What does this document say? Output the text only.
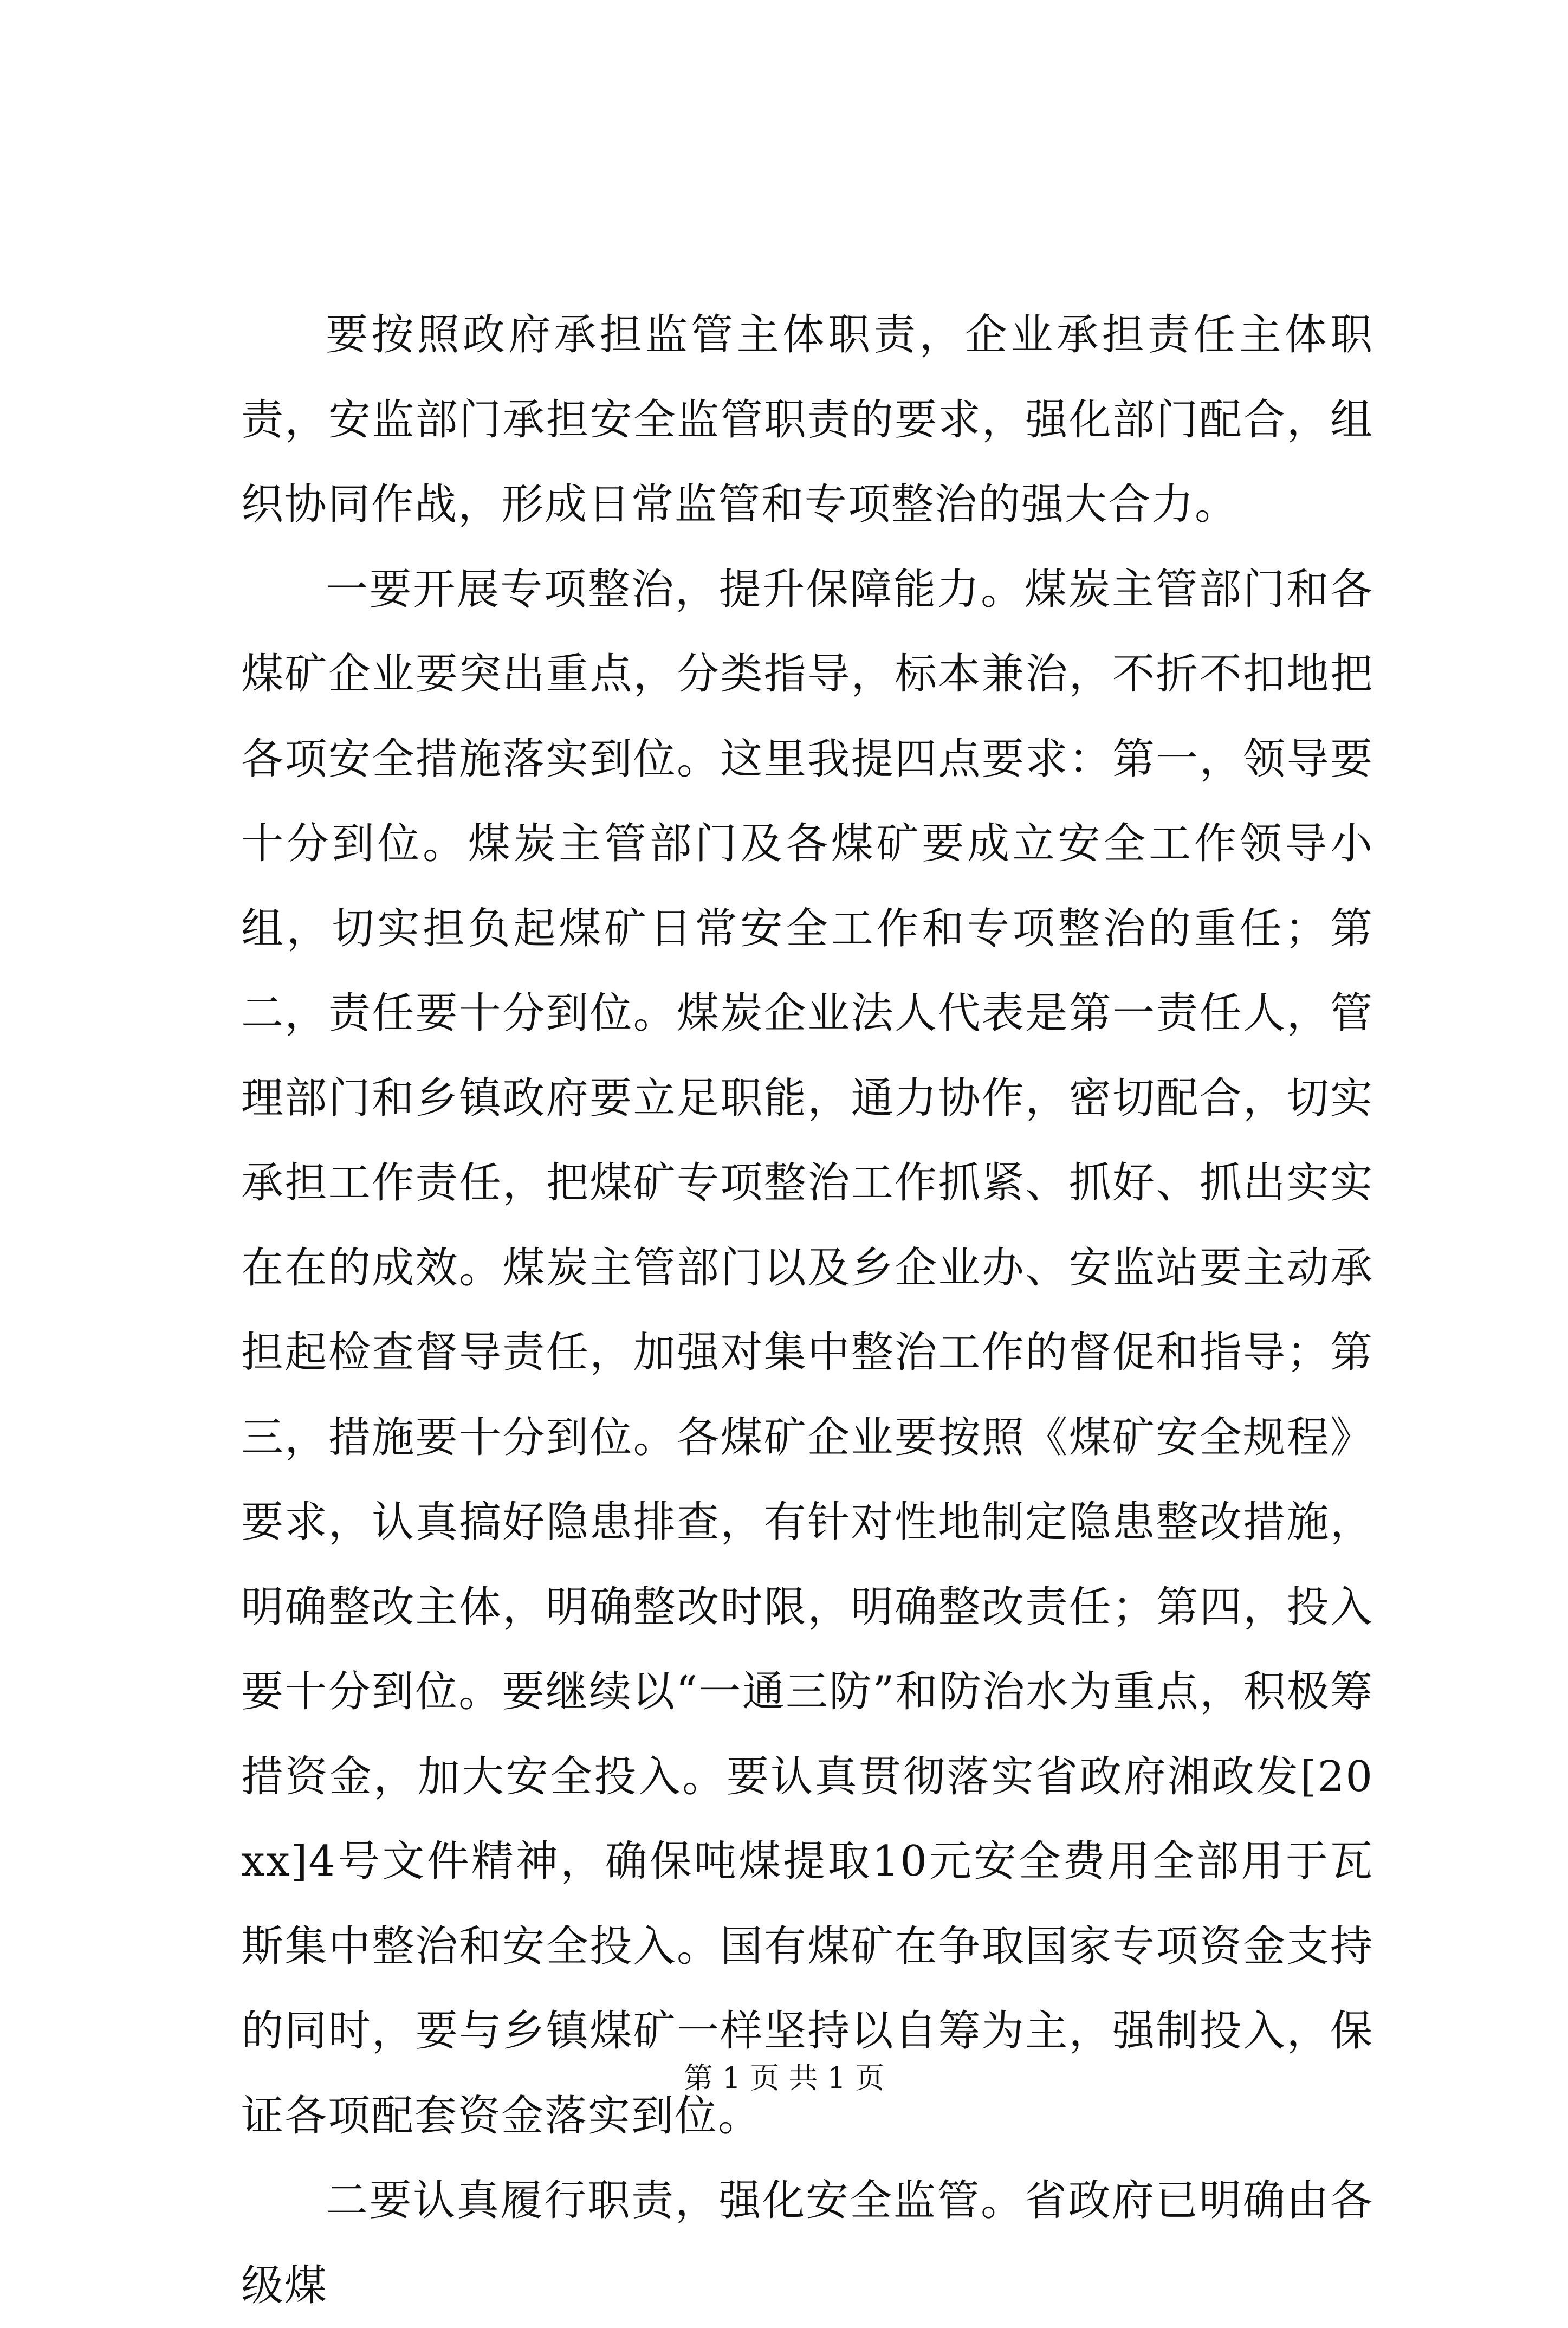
要按照政府承担监管主体职责，企业承担责任主体职责，安监部门承担安全监管职责的要求，强化部门配合，组织协同作战，形成日常监管和专项整治的强大合力。

一要开展专项整治，提升保障能力。煤炭主管部门和各煤矿企业要突出重点，分类指导，标本兼治，不折不扣地把各项安全措施落实到位。这里我提四点要求：第一，领导要十分到位。煤炭主管部门及各煤矿要成立安全工作领导小组，切实担负起煤矿日常安全工作和专项整治的重任；第二，责任要十分到位。煤炭企业法人代表是第一责任人，管理部门和乡镇政府要立足职能，通力协作，密切配合，切实承担工作责任，把煤矿专项整治工作抓紧、抓好、抓出实实在在的成效。煤炭主管部门以及乡企业办、安监站要主动承担起检查督导责任，加强对集中整治工作的督促和指导；第三，措施要十分到位。各煤矿企业要按照《煤矿安全规程》要求，认真搞好隐患排查，有针对性地制定隐患整改措施，明确整改主体，明确整改时限，明确整改责任；第四，投入要十分到位。要继续以“一通三防”和防治水为重点，积极筹措资金，加大安全投入。要认真贯彻落实省政府湘政发[20xx]4号文件精神，确保吨煤提取10元安全费用全部用于瓦斯集中整治和安全投入。国有煤矿在争取国家专项资金支持的同时，要与乡镇煤矿一样坚持以自筹为主，强制投入，保证各项配套资金落实到位。

二要认真履行职责，强化安全监管。省政府已明确由各级煤

第 1 页 共 1 页
